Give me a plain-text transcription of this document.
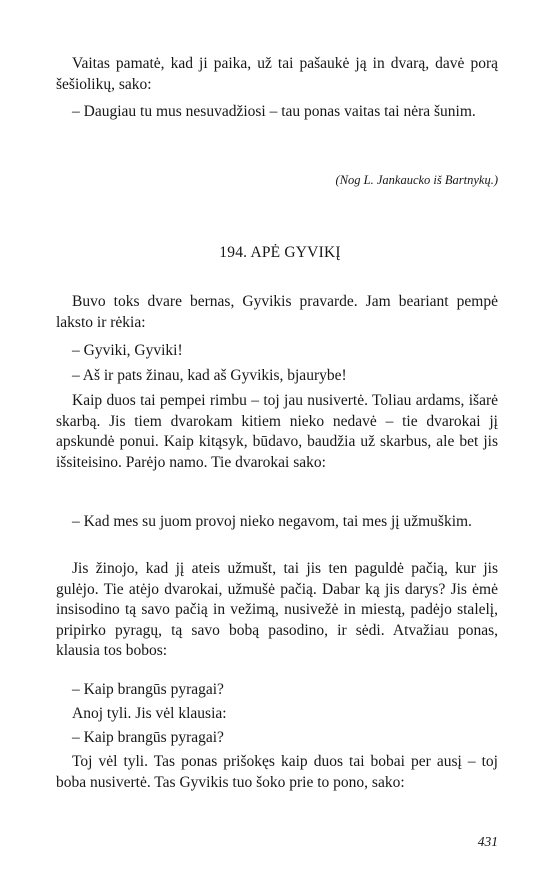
Vaitas pamatė, kad ji paika, už tai pašaukė ją in dvarą, davė porą šešiolikų, sako:

– Daugiau tu mus nesuvadžiosi – tau ponas vaitas tai nėra šunim.

(Nog L. Jankaucko iš Bartnykų.)
194. APĖ GYVIKĮ

Buvo toks dvare bernas, Gyvikis pravarde. Jam beariant pempė laksto ir rėkia:

– Gyviki, Gyviki!

– Aš ir pats žinau, kad aš Gyvikis, bjaurybe!

Kaip duos tai pempei rimbu – toj jau nusivertė. Toliau ardams, išarė skarbą. Jis tiem dvarokam kitiem nieko nedavė – tie dvarokai jį apskundė ponui. Kaip kitąsyk, būdavo, baudžia už skarbus, ale bet jis išsiteisino. Parėjo namo. Tie dvarokai sako:

– Kad mes su juom provoj nieko negavom, tai mes jį užmuškim.

Jis žinojo, kad jį ateis užmušt, tai jis ten paguldė pačią, kur jis gulėjo. Tie atėjo dvarokai, užmušė pačią. Dabar ką jis darys? Jis ėmė insisodino tą savo pačią in vežimą, nusivežė in miestą, padėjo stalelį, pripirko pyragų, tą savo bobą pasodino, ir sėdi. Atvažiau ponas, klausia tos bobos:

– Kaip brangūs pyragai?

Anoj tyli. Jis vėl klausia:

– Kaip brangūs pyragai?

Toj vėl tyli. Tas ponas prišokęs kaip duos tai bobai per ausį – toj boba nusivertė. Tas Gyvikis tuo šoko prie to pono, sako:

431
